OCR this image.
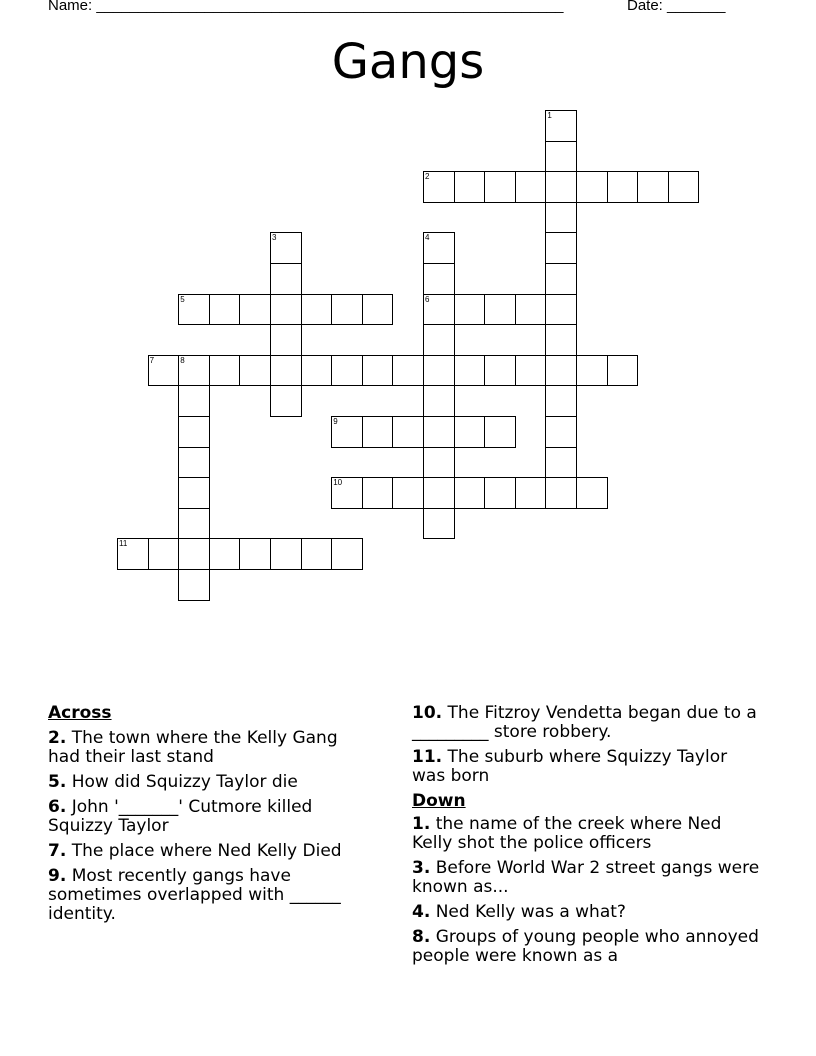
Name: ________________________________________________________	Date: _______
Gangs
2
5	6
7	8
9
10
11
1
3	4
Across
2. The town where the Kelly Gang had their last stand
5. How did Squizzy Taylor die
6. John '_______' Cutmore killed Squizzy Taylor
7. The place where Ned Kelly Died
9. Most recently gangs have sometimes overlapped with ______ identity.
10. The Fitzroy Vendetta began due to a _________ store robbery.
11. The suburb where Squizzy Taylor was born
Down
1. the name of the creek where Ned Kelly shot the police officers
3. Before World War 2 street gangs were known as...
4. Ned Kelly was a what?
8. Groups of young people who annoyed people were known as a
